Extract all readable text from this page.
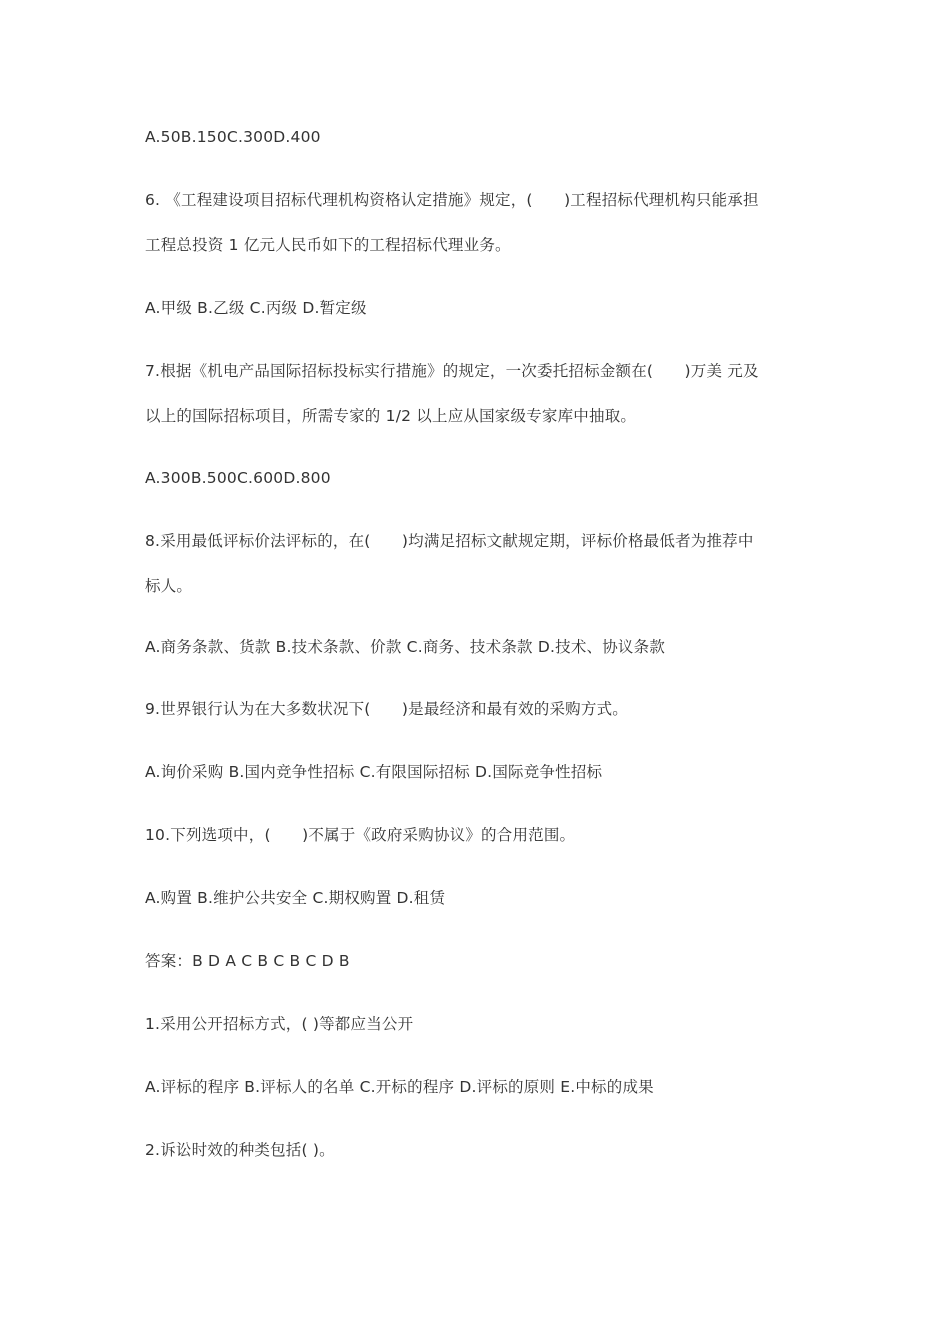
A.50B.150C.300D.400
6. 《工程建设项目招标代理机构资格认定措施》规定，(　　)工程招标代理机构只能承担
工程总投资 1 亿元人民币如下的工程招标代理业务。
A.甲级 B.乙级 C.丙级 D.暂定级
7.根据《机电产品国际招标投标实行措施》的规定，一次委托招标金额在(　　)万美 元及
以上的国际招标项目，所需专家的 1/2 以上应从国家级专家库中抽取。
A.300B.500C.600D.800
8.采用最低评标价法评标的，在(　　)均满足招标文献规定期，评标价格最低者为推荐中
标人。
A.商务条款、货款 B.技术条款、价款 C.商务、技术条款 D.技术、协议条款
9.世界银行认为在大多数状况下(　　)是最经济和最有效的采购方式。
A.询价采购 B.国内竞争性招标 C.有限国际招标 D.国际竞争性招标
10.下列选项中，(　　)不属于《政府采购协议》的合用范围。
A.购置 B.维护公共安全 C.期权购置 D.租赁
答案：B D A C B C B C D B
1.采用公开招标方式，( )等都应当公开
A.评标的程序 B.评标人的名单 C.开标的程序 D.评标的原则 E.中标的成果
2.诉讼时效的种类包括( )。
